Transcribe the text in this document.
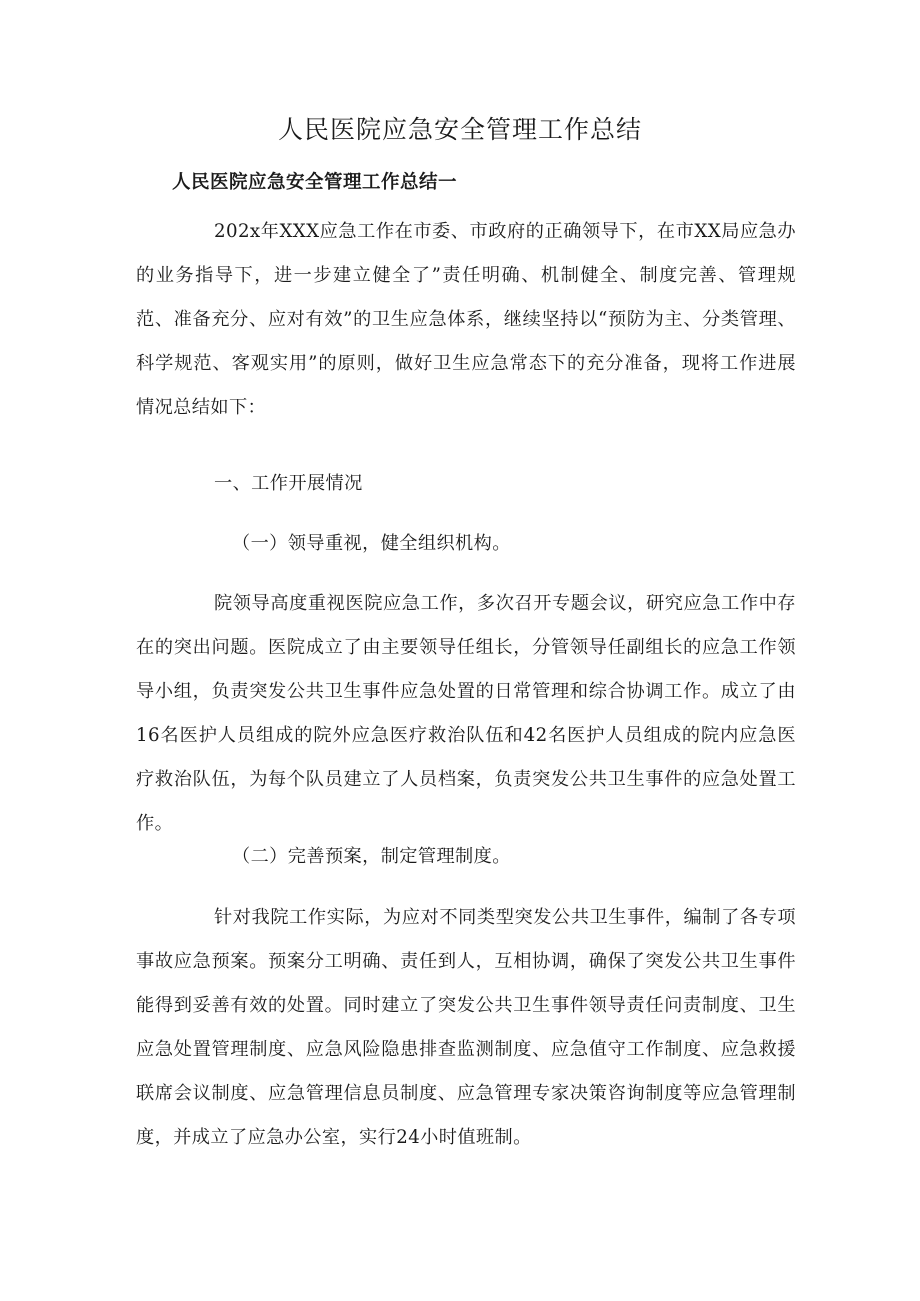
人民医院应急安全管理工作总结
人民医院应急安全管理工作总结一

202x年XXX应急工作在市委、市政府的正确领导下，在市XX局应急办的业务指导下，进一步建立健全了”责任明确、机制健全、制度完善、管理规范、准备充分、应对有效”的卫生应急体系，继续坚持以“预防为主、分类管理、科学规范、客观实用”的原则，做好卫生应急常态下的充分准备，现将工作进展情况总结如下：

一、工作开展情况
（一）领导重视，健全组织机构。

院领导高度重视医院应急工作，多次召开专题会议，研究应急工作中存在的突出问题。医院成立了由主要领导任组长，分管领导任副组长的应急工作领导小组，负责突发公共卫生事件应急处置的日常管理和综合协调工作。成立了由16名医护人员组成的院外应急医疗救治队伍和42名医护人员组成的院内应急医疗救治队伍，为每个队员建立了人员档案，负责突发公共卫生事件的应急处置工作。

（二）完善预案，制定管理制度。

针对我院工作实际，为应对不同类型突发公共卫生事件，编制了各专项事故应急预案。预案分工明确、责任到人，互相协调，确保了突发公共卫生事件能得到妥善有效的处置。同时建立了突发公共卫生事件领导责任问责制度、卫生应急处置管理制度、应急风险隐患排查监测制度、应急值守工作制度、应急救援联席会议制度、应急管理信息员制度、应急管理专家决策咨询制度等应急管理制度，并成立了应急办公室，实行24小时值班制。
